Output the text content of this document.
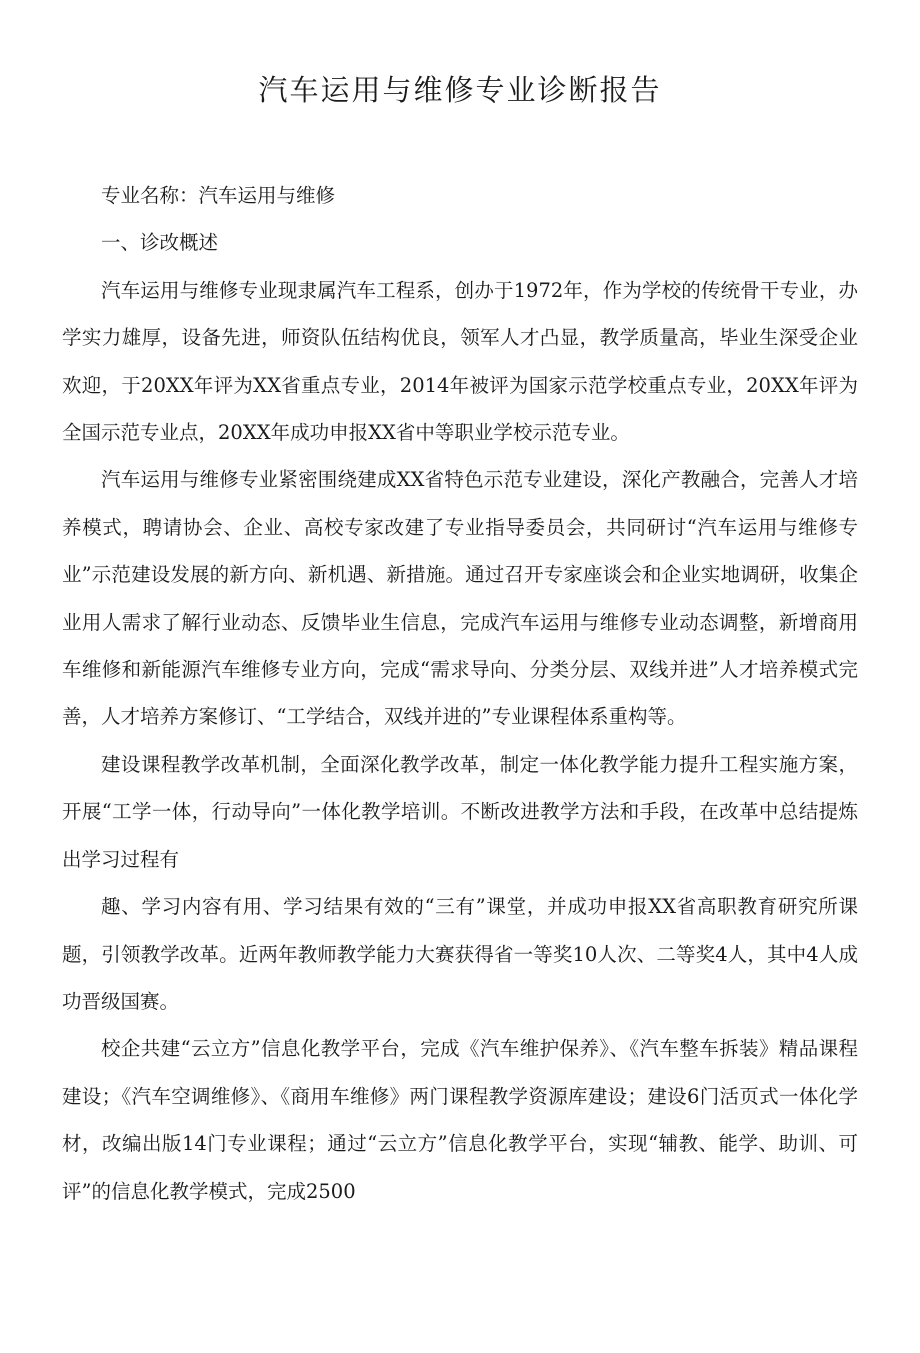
汽车运用与维修专业诊断报告

专业名称：汽车运用与维修

一、诊改概述

汽车运用与维修专业现隶属汽车工程系，创办于1972年，作为学校的传统骨干专业，办学实力雄厚，设备先进，师资队伍结构优良，领军人才凸显，教学质量高，毕业生深受企业欢迎，于20XX年评为XX省重点专业，2014年被评为国家示范学校重点专业，20XX年评为全国示范专业点，20XX年成功申报XX省中等职业学校示范专业。

汽车运用与维修专业紧密围绕建成XX省特色示范专业建设，深化产教融合，完善人才培养模式，聘请协会、企业、高校专家改建了专业指导委员会，共同研讨“汽车运用与维修专业”示范建设发展的新方向、新机遇、新措施。通过召开专家座谈会和企业实地调研，收集企业用人需求了解行业动态、反馈毕业生信息，完成汽车运用与维修专业动态调整，新增商用车维修和新能源汽车维修专业方向，完成“需求导向、分类分层、双线并进”人才培养模式完善，人才培养方案修订、“工学结合，双线并进的”专业课程体系重构等。

建设课程教学改革机制，全面深化教学改革，制定一体化教学能力提升工程实施方案，开展“工学一体，行动导向”一体化教学培训。不断改进教学方法和手段，在改革中总结提炼出学习过程有

趣、学习内容有用、学习结果有效的“三有”课堂，并成功申报XX省高职教育研究所课题，引领教学改革。近两年教师教学能力大赛获得省一等奖10人次、二等奖4人，其中4人成功晋级国赛。

校企共建“云立方”信息化教学平台，完成《汽车维护保养》、《汽车整车拆装》精品课程建设；《汽车空调维修》、《商用车维修》两门课程教学资源库建设；建设6门活页式一体化学材，改编出版14门专业课程；通过“云立方”信息化教学平台，实现“辅教、能学、助训、可评”的信息化教学模式，完成2500
